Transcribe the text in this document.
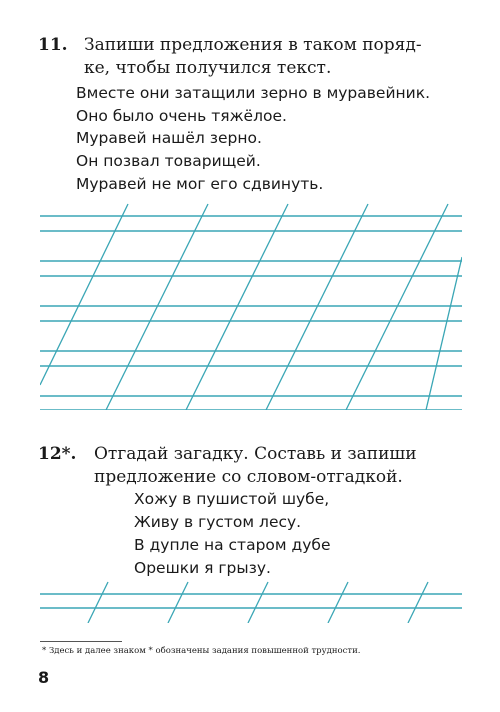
11. Запиши предложения в таком поряд-
ке, чтобы получился текст.
Вместе они затащили зерно в муравейник.
Оно было очень тяжёлое.
Муравей нашёл зерно.
Он позвал товарищей.
Муравей не мог его сдвинуть.
12*. Отгадай загадку. Составь и запиши
предложение со словом-отгадкой.
Хожу в пушистой шубе,
Живу в густом лесу.
В дупле на старом дубе
Орешки я грызу.
* Здесь и далее знаком * обозначены задания повышенной трудности.
8
